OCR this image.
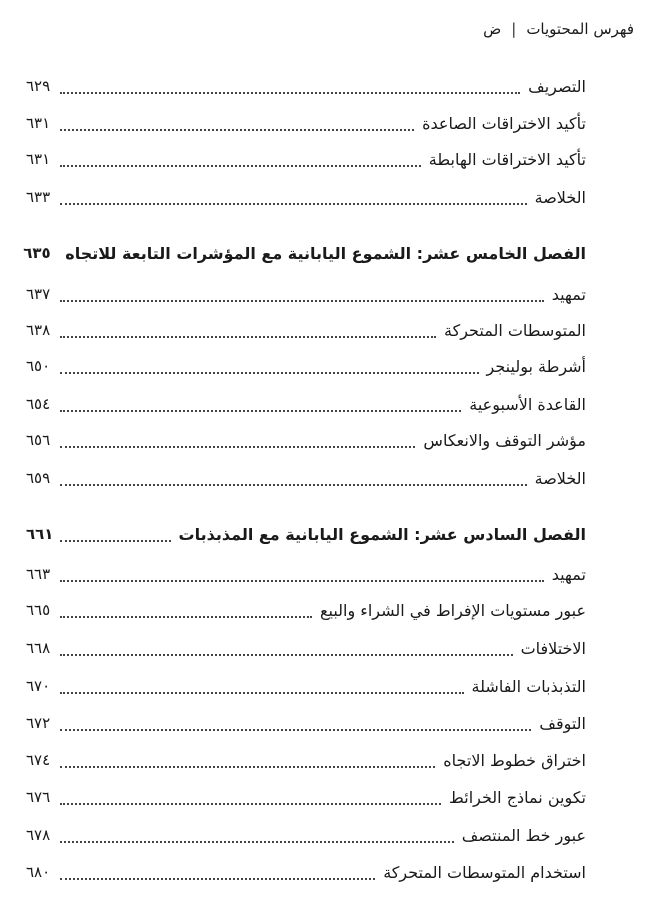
ض | فهرس المحتويات
التصريف
٦٢٩
تأكيد الاختراقات الصاعدة
٦٣١
تأكيد الاختراقات الهابطة
٦٣١
الخلاصة
٦٣٣
الفصل الخامس عشر: الشموع اليابانية مع المؤشرات التابعة للاتجاه
٦٣٥
تمهيد
٦٣٧
المتوسطات المتحركة
٦٣٨
أشرطة بولينجر
٦٥٠
القاعدة الأسبوعية
٦٥٤
مؤشر التوقف والانعكاس
٦٥٦
الخلاصة
٦٥٩
الفصل السادس عشر: الشموع اليابانية مع المذبذبات
٦٦١
تمهيد
٦٦٣
عبور مستويات الإفراط في الشراء والبيع
٦٦٥
الاختلافات
٦٦٨
التذبذبات الفاشلة
٦٧٠
التوقف
٦٧٢
اختراق خطوط الاتجاه
٦٧٤
تكوين نماذج الخرائط
٦٧٦
عبور خط المنتصف
٦٧٨
استخدام المتوسطات المتحركة
٦٨٠
